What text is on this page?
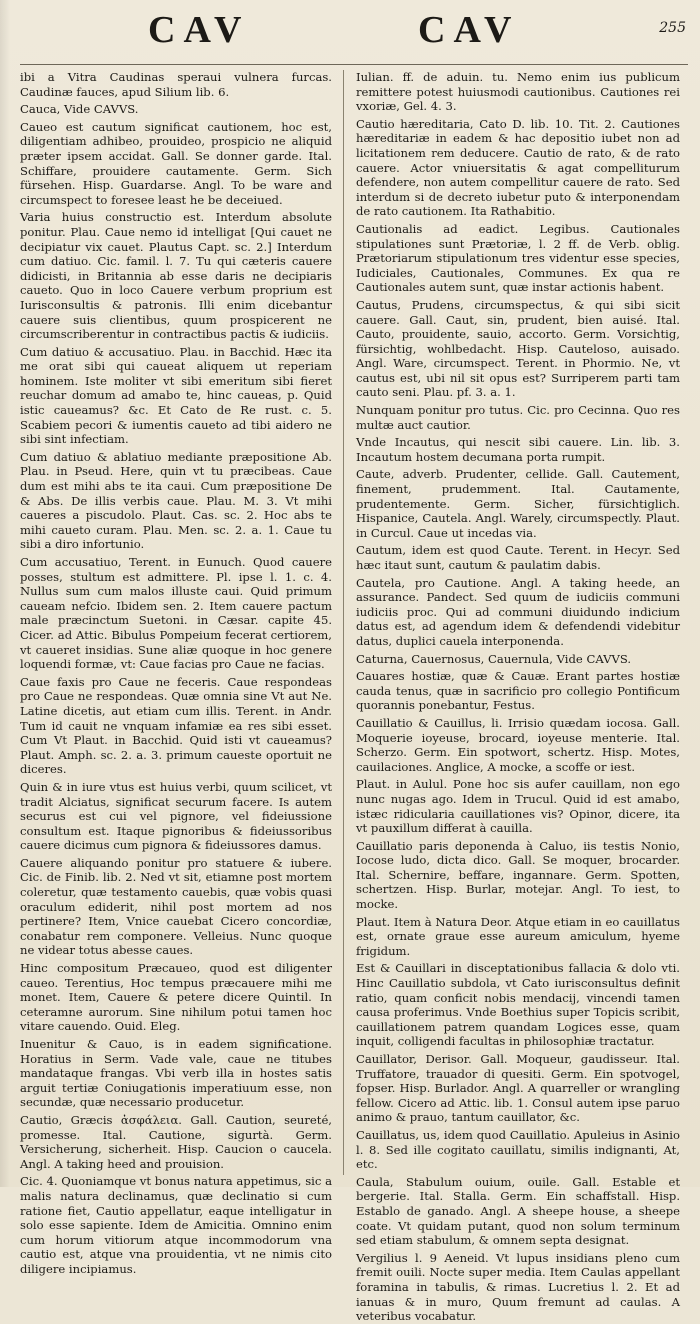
CAV	CAV	255

ibi a Vitra Caudinas speraui vulnera furcas. Caudinæ fauces, apud Silium lib. 6.

Cauca, Vide CAVVS.

Caueo est cautum significat cautionem, hoc est, diligentiam adhibeo, prouideo, prospicio ne aliquid præter ipsem accidat. Gall. Se donner garde. Ital. Schiffare, prouidere cautamente. Germ. Sich fürsehen. Hisp. Guardarse. Angl. To be ware and circumspect to foresee least he be deceiued.

Varia huius constructio est. Interdum absolute ponitur. Plau. Caue nemo id intelligat [Qui cauet ne decipiatur vix cauet. Plautus Capt. sc. 2.] Interdum cum datiuo. Cic. famil. l. 7. Tu qui cæteris cauere didicisti, in Britannia ab esse daris ne decipiaris caueto. Quo in loco Cauere verbum proprium est Iurisconsultis & patronis. Illi enim dicebantur cauere suis clientibus, quum prospicerent ne circumscriberentur in contractibus pactis & iudiciis.

Cum datiuo & accusatiuo. Plau. in Bacchid. Hæc ita me orat sibi qui caueat aliquem ut reperiam hominem. Iste moliter vt sibi emeritum sibi fieret reuchar domum ad amabo te, hinc caueas, p. Quid istic caueamus? &c. Et Cato de Re rust. c. 5. Scabiem pecori & iumentis caueto ad tibi aidero ne sibi sint infectiam.

Cum datiuo & ablatiuo mediante præpositione Ab. Plau. in Pseud. Here, quin vt tu præcibeas. Caue dum est mihi abs te ita caui. Cum præpositione De & Abs. De illis verbis caue. Plau. M. 3. Vt mihi caueres a piscudolo. Plaut. Cas. sc. 2. Hoc abs te mihi caueto curam. Plau. Men. sc. 2. a. 1. Caue tu sibi a diro infortunio.

Cum accusatiuo, Terent. in Eunuch. Quod cauere posses, stultum est admittere. Pl. ipse l. 1. c. 4. Nullus sum cum malos illuste caui. Quid primum caueam nefcio. Ibidem sen. 2. Item cauere pactum male præcinctum Suetoni. in Cæsar. capite 45. Cicer. ad Attic. Bibulus Pompeium fecerat certiorem, vt caueret insidias. Sune aliæ quoque in hoc genere loquendi formæ, vt: Caue facias pro Caue ne facias.

Caue faxis pro Caue ne feceris. Caue respondeas pro Caue ne respondeas. Quæ omnia sine Vt aut Ne. Latine dicetis, aut etiam cum illis. Terent. in Andr. Tum id cauit ne vnquam infamiæ ea res sibi esset. Cum Vt Plaut. in Bacchid. Quid isti vt caueamus? Plaut. Amph. sc. 2. a. 3. primum caueste oportuit ne diceres.

Quin & in iure vtus est huius verbi, quum scilicet, vt tradit Alciatus, significat securum facere. Is autem securus est cui vel pignore, vel fideiussione consultum est. Itaque pignoribus & fideiussoribus cauere dicimus cum pignora & fideiussores damus.

Cauere aliquando ponitur pro statuere & iubere. Cic. de Finib. lib. 2. Ned vt sit, etiamne post mortem coleretur, quæ testamento cauebis, quæ vobis quasi oraculum ediderit, nihil post mortem ad nos pertinere? Item, Vnice cauebat Cicero concordiæ, conabatur rem componere. Velleius. Nunc quoque ne videar totus abesse caues.

Hinc compositum Præcaueo, quod est diligenter caueo. Terentius, Hoc tempus præcauere mihi me monet. Item, Cauere & petere dicere Quintil. In ceteramne aurorum. Sine nihilum potui tamen hoc vitare cauendo. Ouid. Eleg.

Inuenitur & Cauo, is in eadem significatione. Horatius in Serm. Vade vale, caue ne titubes mandataque frangas. Vbi verb illa in hostes satis arguit tertiæ Coniugationis imperatiuum esse, non secundæ, quæ necessario producetur.

Cautio, Græcis ἀσφάλεια. Gall. Caution, seureté, promesse. Ital. Cautione, sigurtà. Germ. Versicherung, sicherheit. Hisp. Caucion o caucela. Angl. A taking heed and prouision.

Cic. 4. Quoniamque vt bonus natura appetimus, sic a malis natura declinamus, quæ declinatio si cum ratione fiet, Cautio appellatur, eaque intelligatur in solo esse sapiente. Idem de Amicitia. Omnino enim cum horum vitiorum atque incommodorum vna cautio est, atque vna prouidentia, vt ne nimis cito diligere incipiamus.

Iulian. ff. de aduin. tu. Nemo enim ius publicum remittere potest huiusmodi cautionibus. Cautiones rei vxoriæ, Gel. 4. 3.

Cautio hæreditaria, Cato D. lib. 10. Tit. 2. Cautiones hæreditariæ in eadem & hac depositio iubet non ad licitationem rem deducere. Cautio de rato, & de rato cauere. Actor vniuersitatis & agat compelliturum defendere, non autem compellitur cauere de rato. Sed interdum si de decreto iubetur puto & interponendam de rato cautionem. Ita Rathabitio.

Cautionalis ad eadict. Legibus. Cautionales stipulationes sunt Prætoriæ, l. 2 ff. de Verb. oblig. Prætoriarum stipulationum tres videntur esse species, Iudiciales, Cautionales, Communes. Ex qua re Cautionales autem sunt, quæ instar actionis habent.

Cautus, Prudens, circumspectus, & qui sibi sicit cauere. Gall. Caut, sin, prudent, bien auisé. Ital. Cauto, prouidente, sauio, accorto. Germ. Vorsichtig, fürsichtig, wohlbedacht. Hisp. Cauteloso, auisado. Angl. Ware, circumspect. Terent. in Phormio. Ne, vt cautus est, ubi nil sit opus est? Surriperem parti tam cauto seni. Plau. pf. 3. a. 1.

Nunquam ponitur pro tutus. Cic. pro Cecinna. Quo res multæ auct cautior.

Vnde Incautus, qui nescit sibi cauere. Lin. lib. 3. Incautum hostem decumana porta rumpit.

Caute, adverb. Prudenter, cellide. Gall. Cautement, finement, prudemment. Ital. Cautamente, prudentemente. Germ. Sicher, fürsichtiglich. Hispanice, Cautela. Angl. Warely, circumspectly. Plaut. in Curcul. Caue ut incedas via.

Cautum, idem est quod Caute. Terent. in Hecyr. Sed hæc itaut sunt, cautum & paulatim dabis.

Cautela, pro Cautione. Angl. A taking heede, an assurance. Pandect. Sed quum de iudiciis communi iudiciis proc. Qui ad communi diuidundo indicium datus est, ad agendum idem & defendendi videbitur datus, duplici cauela interponenda.

Caturna, Cauernosus, Cauernula, Vide CAVVS.

Cauares hostiæ, quæ & Cauæ. Erant partes hostiæ cauda tenus, quæ in sacrificio pro collegio Pontificum quorannis ponebantur, Festus.

Cauillatio & Cauillus, li. Irrisio quædam iocosa. Gall. Moquerie ioyeuse, brocard, ioyeuse menterie. Ital. Scherzo. Germ. Ein spotwort, schertz. Hisp. Motes, cauilaciones. Anglice, A mocke, a scoffe or iest.

Plaut. in Aulul. Pone hoc sis aufer cauillam, non ego nunc nugas ago. Idem in Trucul. Quid id est amabo, istæc ridicularia cauillationes vis? Opinor, dicere, ita vt pauxillum differat à cauilla.

Cauillatio paris deponenda à Caluo, iis testis Nonio, Iocose ludo, dicta dico. Gall. Se moquer, brocarder. Ital. Schernire, beffare, ingannare. Germ. Spotten, schertzen. Hisp. Burlar, motejar. Angl. To iest, to mocke.

Plaut. Item à Natura Deor. Atque etiam in eo cauillatus est, ornate graue esse aureum amiculum, hyeme frigidum.

Est & Cauillari in disceptationibus fallacia & dolo vti. Hinc Cauillatio subdola, vt Cato iurisconsultus definit ratio, quam conficit nobis mendacij, vincendi tamen causa proferimus. Vnde Boethius super Topicis scribit, cauillationem patrem quandam Logices esse, quam inquit, colligendi facultas in philosophiæ tractatur.

Cauillator, Derisor. Gall. Moqueur, gaudisseur. Ital. Truffatore, trauador di quesiti. Germ. Ein spotvogel, fopser. Hisp. Burlador. Angl. A quarreller or wrangling fellow. Cicero ad Attic. lib. 1. Consul autem ipse paruo animo & prauo, tantum cauillator, &c.

Cauillatus, us, idem quod Cauillatio. Apuleius in Asinio l. 8. Sed ille cogitato cauillatu, similis indignanti, At, etc.

Caula, Stabulum ouium, ouile. Gall. Estable et bergerie. Ital. Stalla. Germ. Ein schaffstall. Hisp. Establo de ganado. Angl. A sheepe house, a sheepe coate. Vt quidam putant, quod non solum terminum sed etiam stabulum, & omnem septa designat.

Vergilius l. 9 Aeneid. Vt lupus insidians pleno cum fremit ouili. Nocte super media. Item Caulas appellant foramina in tabulis, & rimas. Lucretius l. 2. Et ad ianuas & in muro, Quum fremunt ad caulas. A veteribus vocabatur.
